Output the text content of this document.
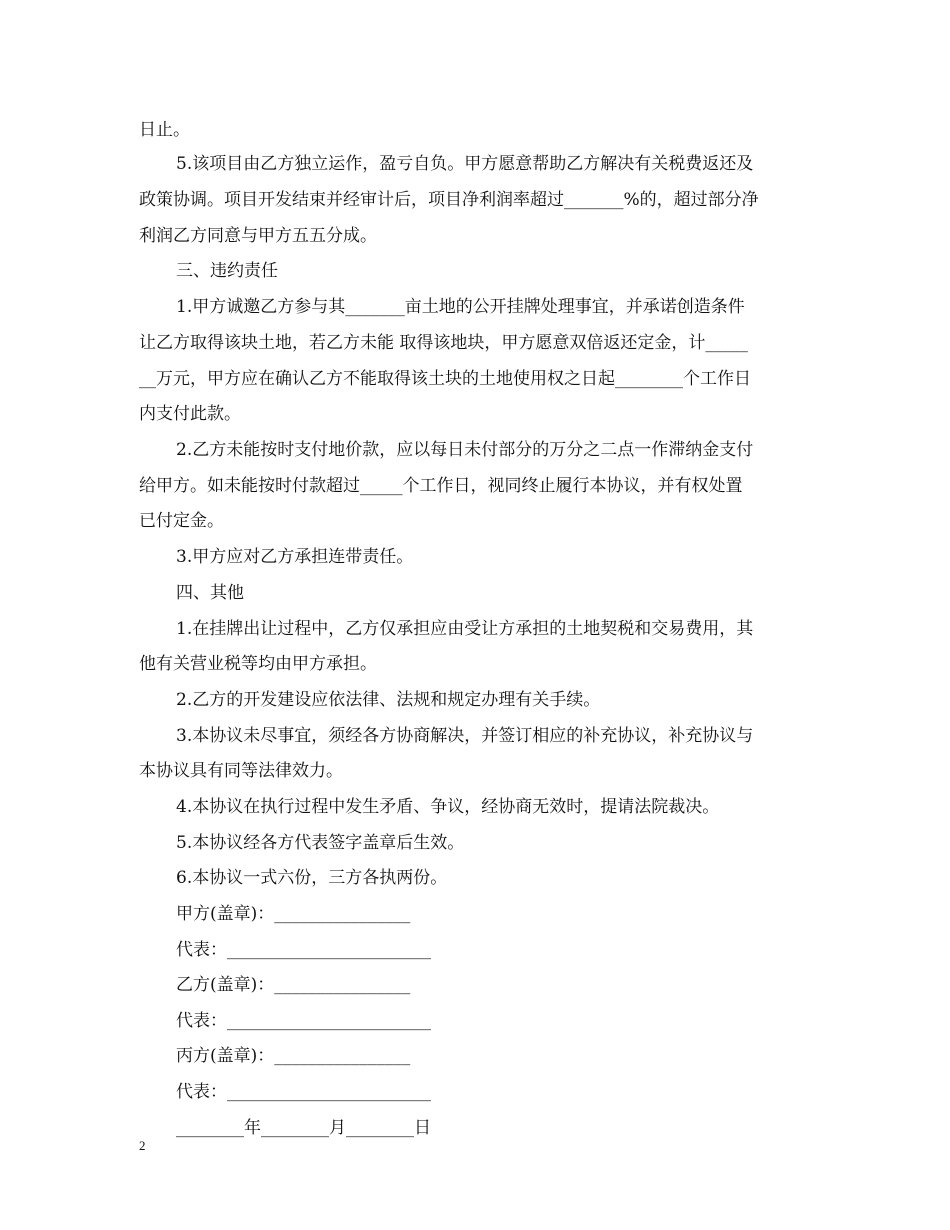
日止。
5.该项目由乙方独立运作，盈亏自负。甲方愿意帮助乙方解决有关税费返还及
政策协调。项目开发结束并经审计后，项目净利润率超过_______%的，超过部分净
利润乙方同意与甲方五五分成。
三、违约责任
1.甲方诚邀乙方参与其_______亩土地的公开挂牌处理事宜，并承诺创造条件
让乙方取得该块土地，若乙方未能 取得该地块，甲方愿意双倍返还定金，计_____
__万元，甲方应在确认乙方不能取得该土块的土地使用权之日起________个工作日
内支付此款。
2.乙方未能按时支付地价款，应以每日未付部分的万分之二点一作滞纳金支付
给甲方。如未能按时付款超过_____个工作日，视同终止履行本协议，并有权处置
已付定金。
3.甲方应对乙方承担连带责任。
四、其他
1.在挂牌出让过程中，乙方仅承担应由受让方承担的土地契税和交易费用，其
他有关营业税等均由甲方承担。
2.乙方的开发建设应依法律、法规和规定办理有关手续。
3.本协议未尽事宜，须经各方协商解决，并签订相应的补充协议，补充协议与
本协议具有同等法律效力。
4.本协议在执行过程中发生矛盾、争议，经协商无效时，提请法院裁决。
5.本协议经各方代表签字盖章后生效。
6.本协议一式六份，三方各执两份。
甲方(盖章)：________________
代表：________________________
乙方(盖章)：________________
代表：________________________
丙方(盖章)：________________
代表：________________________
________年________月________日
2
